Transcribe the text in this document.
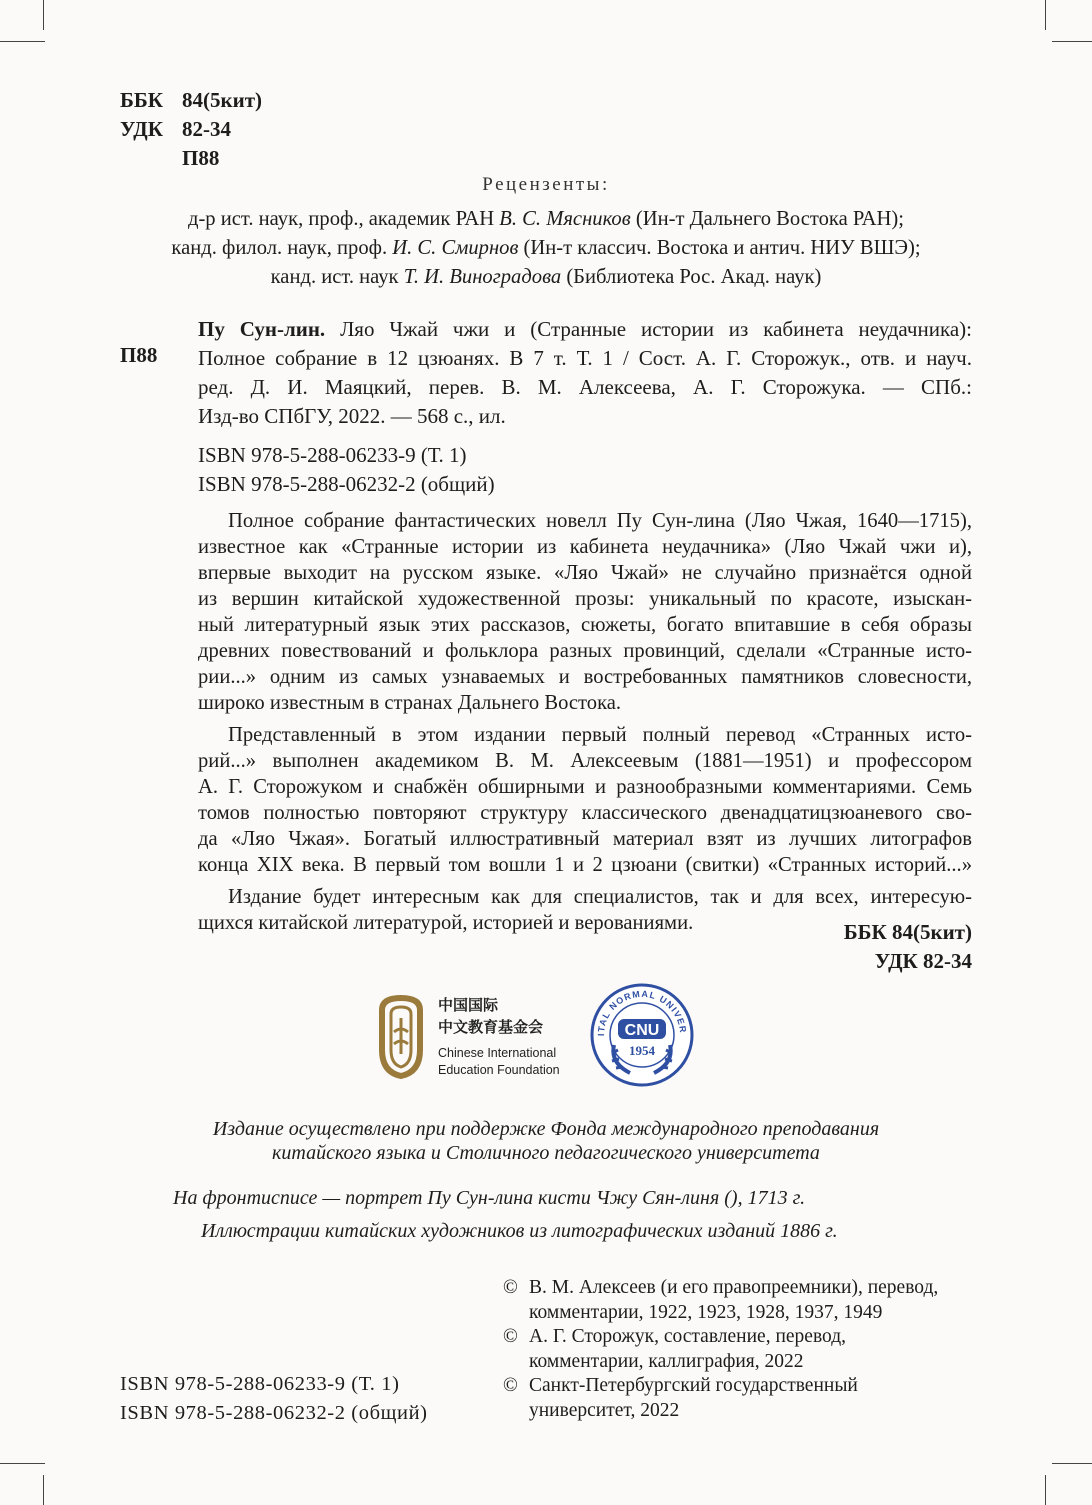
ББК 84(5кит)
УДК 82-34
П88
Рецензенты:
д-р ист. наук, проф., академик РАН В. С. Мясников (Ин-т Дальнего Востока РАН);
канд. филол. наук, проф. И. С. Смирнов (Ин-т классич. Востока и антич. НИУ ВШЭ);
канд. ист. наук Т. И. Виноградова (Библиотека Рос. Акад. наук)
П88
Пу Сун-лин. Ляо Чжай чжи и (Странные истории из кабинета неудачника):
Полное собрание в 12 цзюанях. В 7 т. Т. 1 / Сост. А. Г. Сторожук., отв. и науч.
ред. Д. И. Маяцкий, перев. В. М. Алексеева, А. Г. Сторожука. — СПб.:
Изд-во СПбГУ, 2022. — 568 с., ил.
ISBN 978-5-288-06233-9 (Т. 1)
ISBN 978-5-288-06232-2 (общий)
Полное собрание фантастических новелл Пу Сун-лина (Ляо Чжая, 1640—1715),
известное как «Странные истории из кабинета неудачника» (Ляо Чжай чжи и),
впервые выходит на русском языке. «Ляо Чжай» не случайно признаётся одной
из вершин китайской художественной прозы: уникальный по красоте, изыскан-
ный литературный язык этих рассказов, сюжеты, богато впитавшие в себя образы
древних повествований и фольклора разных провинций, сделали «Странные исто-
рии...» одним из самых узнаваемых и востребованных памятников словесности,
широко известным в странах Дальнего Востока.
Представленный в этом издании первый полный перевод «Странных исто-
рий...» выполнен академиком В. М. Алексеевым (1881—1951) и профессором
А. Г. Сторожуком и снабжён обширными и разнообразными комментариями. Семь
томов полностью повторяют структуру классического двенадцатицзюаневого сво-
да «Ляо Чжая». Богатый иллюстративный материал взят из лучших литографов
конца XIX века. В первый том вошли 1 и 2 цзюани (свитки) «Странных историй...»
Издание будет интересным как для специалистов, так и для всех, интересую-
щихся китайской литературой, историей и верованиями.	ББК 84(5кит)
УДК 82-34
中国国际
中文教育基金会
Chinese International
Education Foundation
ITAL NORMAL UNIVER
CNU
1954
Издание осуществлено при поддержке Фонда международного преподавания
китайского языка и Столичного педагогического университета
На фронтисписе — портрет Пу Сун-лина кисти Чжу Сян-линя (), 1713 г.
Иллюстрации китайских художников из литографических изданий 1886 г.
ISBN 978-5-288-06233-9 (Т. 1)
ISBN 978-5-288-06232-2 (общий)
© В. М. Алексеев (и его правопреемники), перевод,
комментарии, 1922, 1923, 1928, 1937, 1949
© А. Г. Сторожук, составление, перевод,
комментарии, каллиграфия, 2022
© Санкт-Петербургский государственный
университет, 2022
